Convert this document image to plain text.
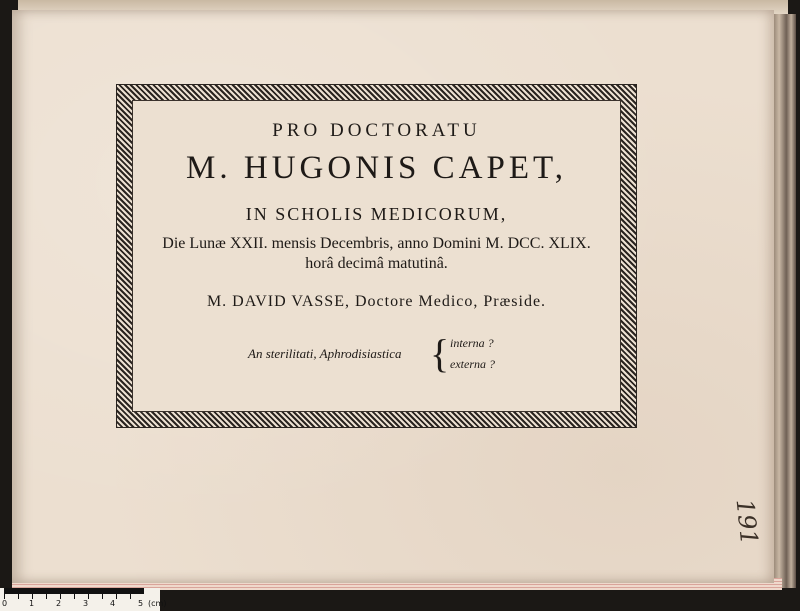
PRO DOCTORATU
M. HUGONIS CAPET,
IN SCHOLIS MEDICORUM,
Die Lunæ XXII. mensis Decembris, anno Domini M. DCC. XLIX.
horâ decimâ matutinâ.
M. DAVID VASSE, Doctore Medico, Præside.
An sterilitati, Aphrodisiastica { interna ?
externa ?
191
0	1	2	3	4	5 (cm)
